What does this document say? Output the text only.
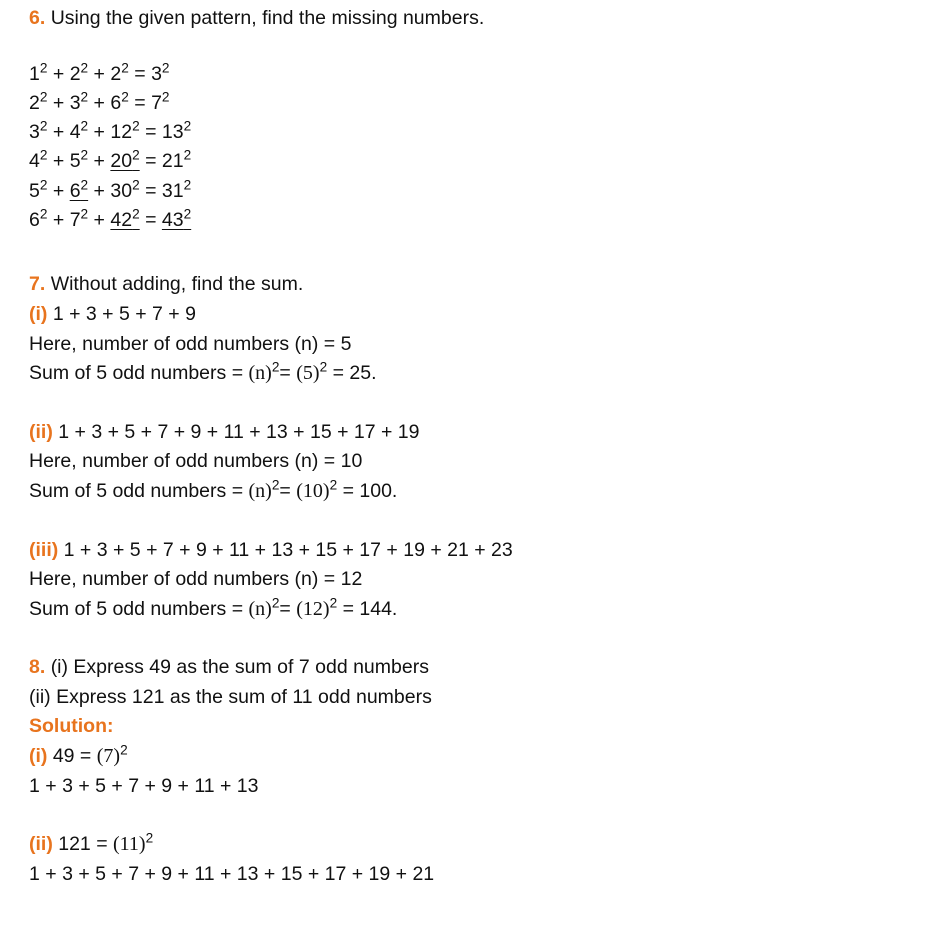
6. Using the given pattern, find the missing numbers.
$1^2 + 2^2 + 2^2 = 3^2$
$2^2 + 3^2 + 6^2 = 7^2$
$3^2 + 4^2 + 12^2 = 13^2$
$4^2 + 5^2 + 20^2 = 21^2$
$5^2 + 6^2 + 30^2 = 31^2$
$6^2 + 7^2 + 42^2 = 43^2$
7. Without adding, find the sum.
(i) 1 + 3 + 5 + 7 + 9
Here, number of odd numbers (n) = 5
Sum of 5 odd numbers = $(n)^2= (5)^2 = 25$.
(ii) 1 + 3 + 5 + 7 + 9 + 11 + 13 + 15 + 17 + 19
Here, number of odd numbers (n) = 10
Sum of 5 odd numbers = $(n)^2= (10)^2 = 100$.
(iii) 1 + 3 + 5 + 7 + 9 + 11 + 13 + 15 + 17 + 19 + 21 + 23
Here, number of odd numbers (n) = 12
Sum of 5 odd numbers = $(n)^2= (12)^2 = 144$.
8. (i) Express 49 as the sum of 7 odd numbers
(ii) Express 121 as the sum of 11 odd numbers
Solution:
(i) $49 = (7)^2$
1 + 3 + 5 + 7 + 9 + 11 + 13
(ii) $121 = (11)^2$
1 + 3 + 5 + 7 + 9 + 11 + 13 + 15 + 17 + 19 + 21
